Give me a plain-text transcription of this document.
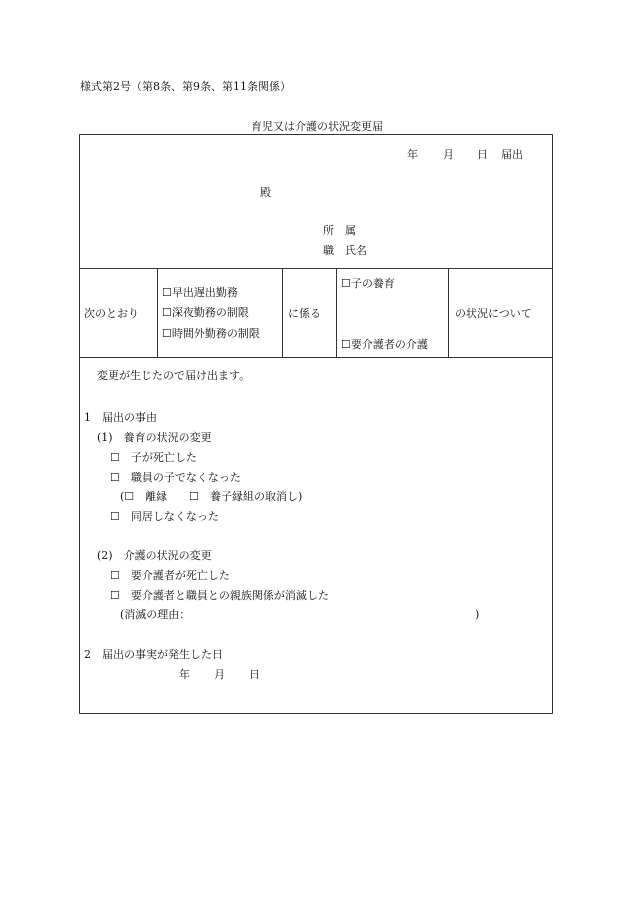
様式第2号（第8条、第9条、第11条関係）
育児又は介護の状況変更届
年 月 日 届出
殿
所　属
職　氏名
次のとおり
☐早出遅出勤務
☐深夜勤務の制限
☐時間外勤務の制限
に係る
☐子の養育
☐要介護者の介護
の状況について
変更が生じたので届け出ます。
1　届出の事由
(1)　養育の状況の変更
☐　子が死亡した
☐　職員の子でなくなった
(☐　離縁　　☐　養子縁組の取消し)
☐　同居しなくなった
(2)　介護の状況の変更
☐　要介護者が死亡した
☐　要介護者と職員との親族関係が消滅した
(消滅の理由：	)
2　届出の事実が発生した日
年 月 日
